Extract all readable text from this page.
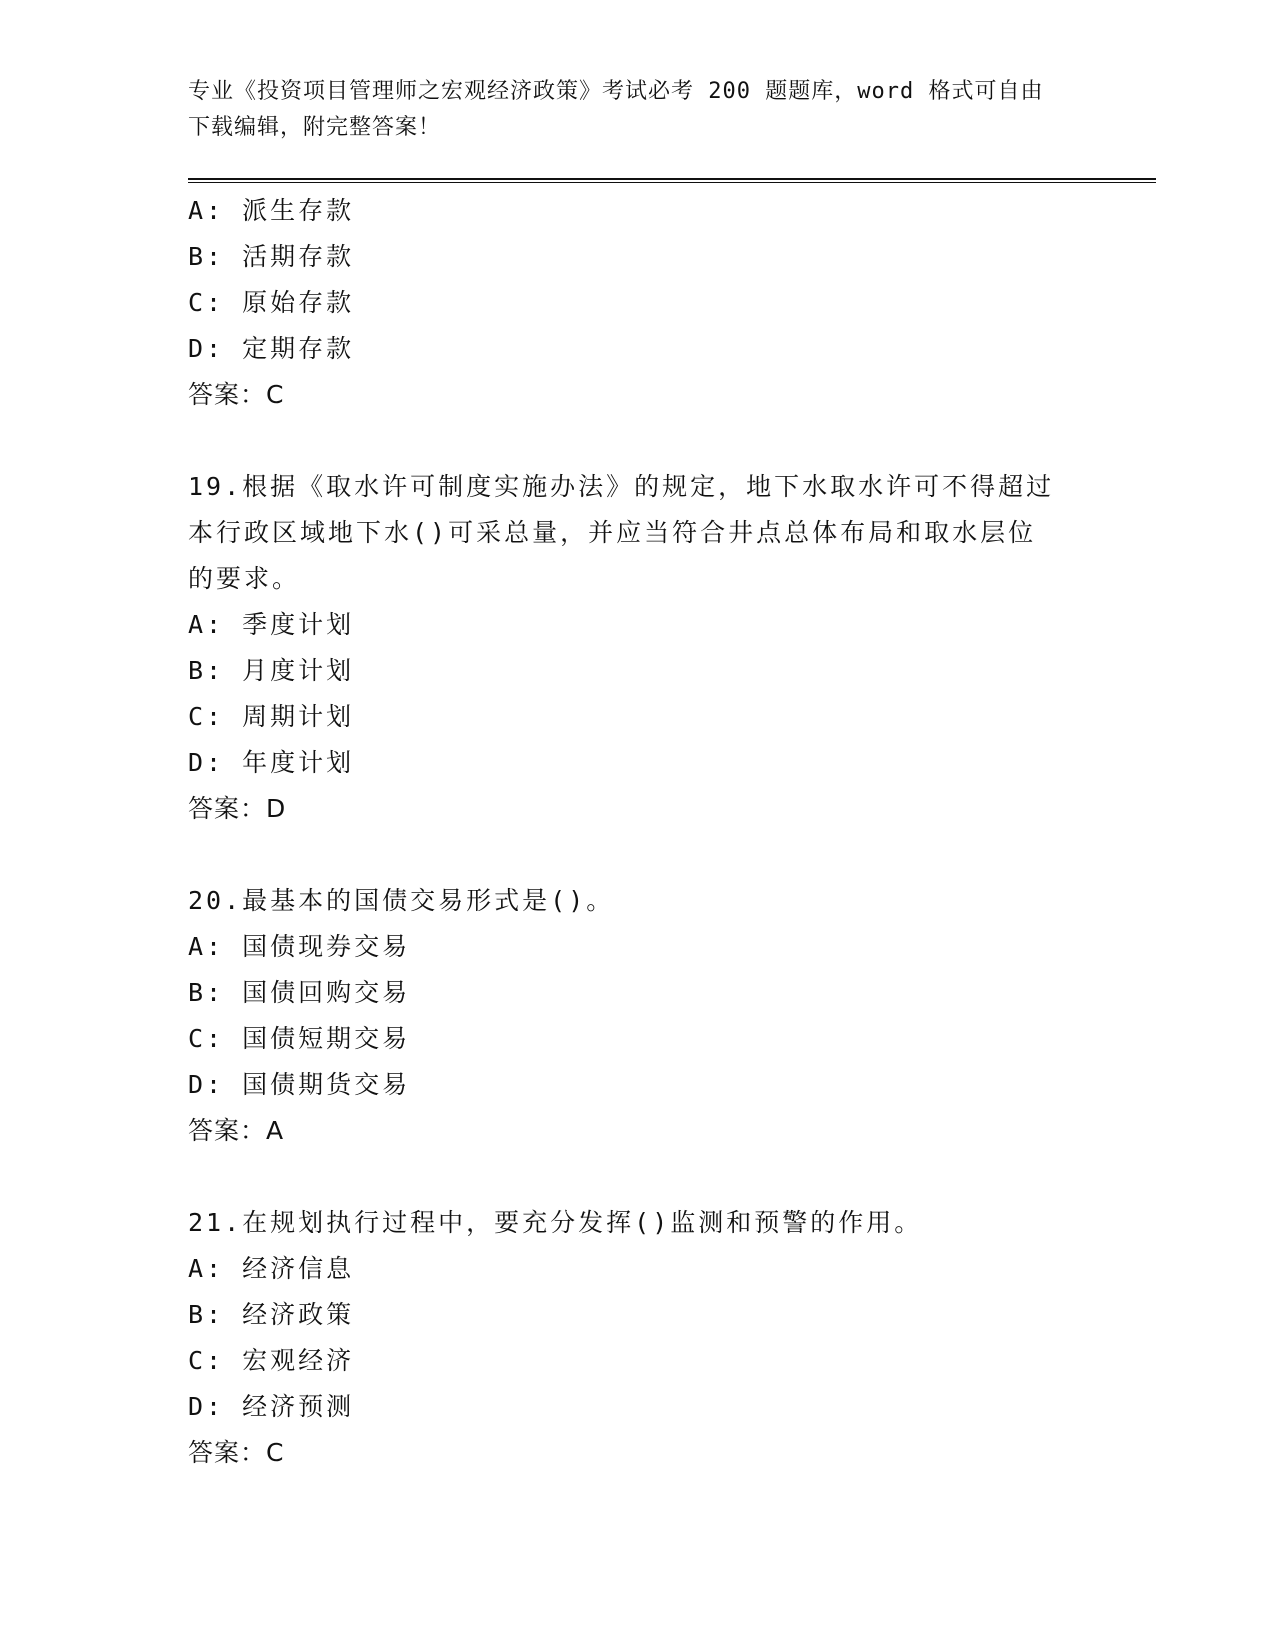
专业《投资项目管理师之宏观经济政策》考试必考 200 题题库，word 格式可自由
下载编辑，附完整答案！
A: 派生存款
B: 活期存款
C: 原始存款
D: 定期存款
答案：C
19.根据《取水许可制度实施办法》的规定，地下水取水许可不得超过
本行政区域地下水()可采总量，并应当符合井点总体布局和取水层位
的要求。
A: 季度计划
B: 月度计划
C: 周期计划
D: 年度计划
答案：D
20.最基本的国债交易形式是()。
A: 国债现券交易
B: 国债回购交易
C: 国债短期交易
D: 国债期货交易
答案：A
21.在规划执行过程中，要充分发挥()监测和预警的作用。
A: 经济信息
B: 经济政策
C: 宏观经济
D: 经济预测
答案：C
